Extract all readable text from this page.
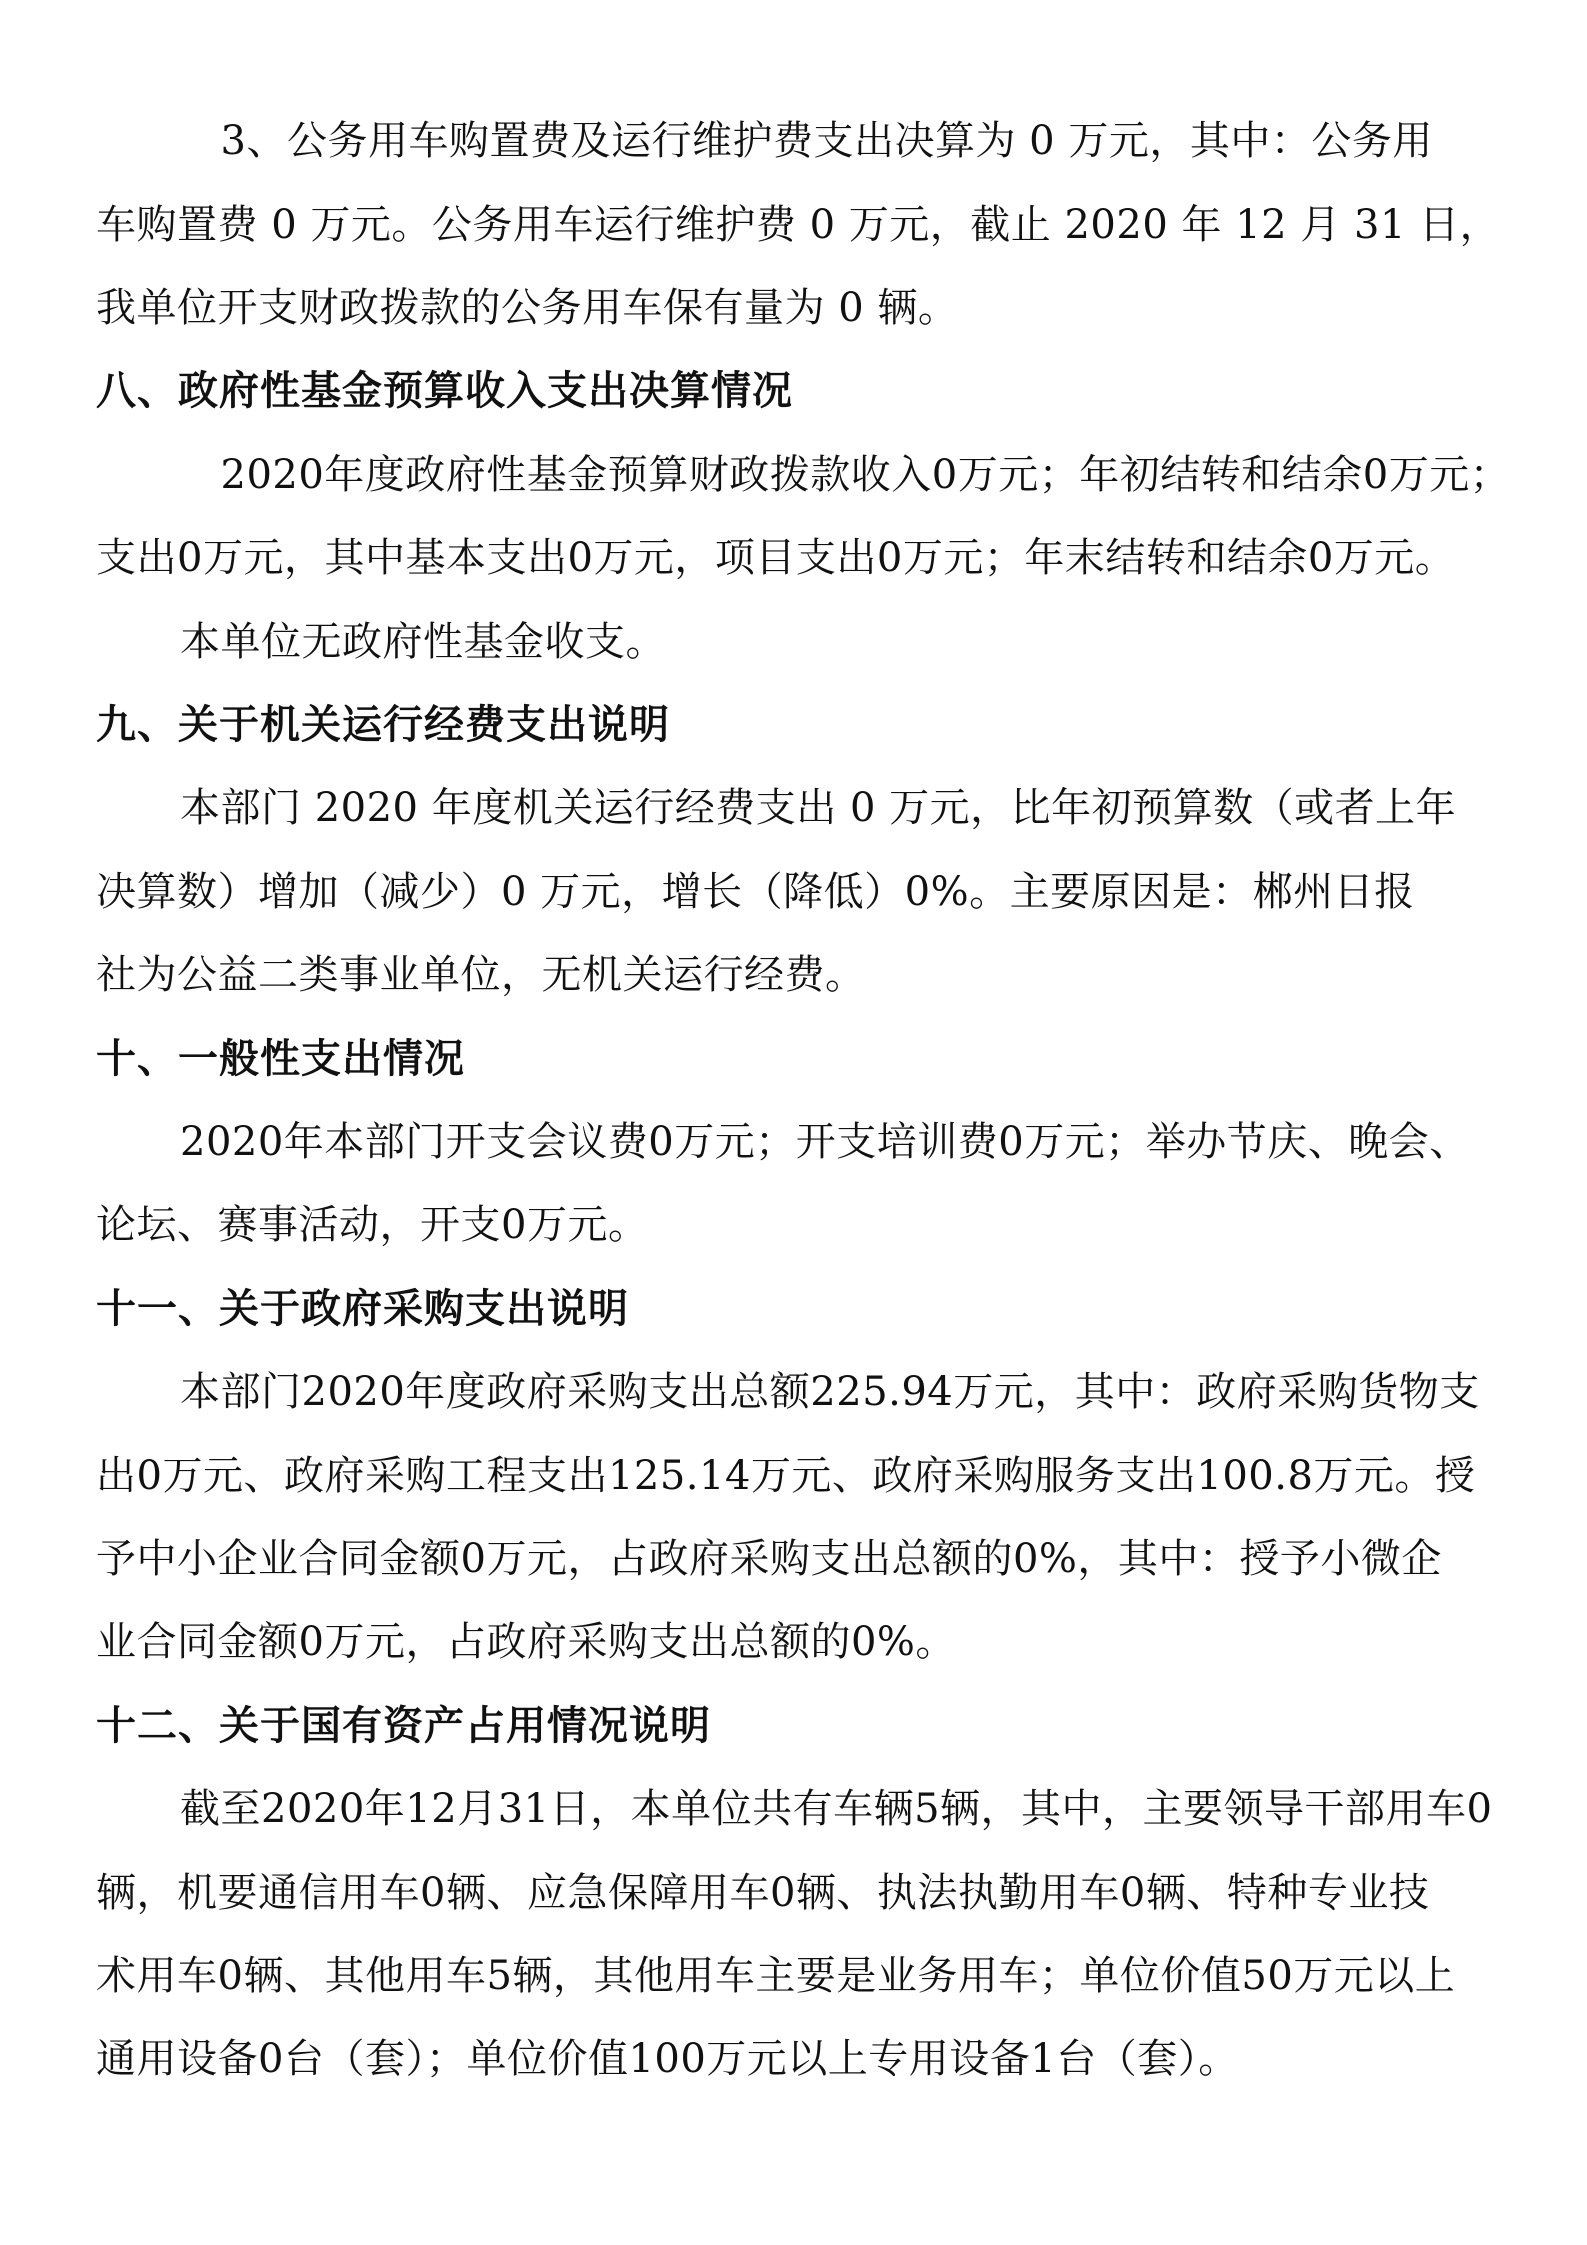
　3、公务用车购置费及运行维护费支出决算为 0 万元，其中：公务用
车购置费 0 万元。公务用车运行维护费 0 万元，截止 2020 年 12 月 31 日，
我单位开支财政拨款的公务用车保有量为 0 辆。
八、政府性基金预算收入支出决算情况
　2020年度政府性基金预算财政拨款收入0万元；年初结转和结余0万元；
支出0万元，其中基本支出0万元，项目支出0万元；年末结转和结余0万元。
本单位无政府性基金收支。
九、关于机关运行经费支出说明
本部门 2020 年度机关运行经费支出 0 万元，比年初预算数（或者上年
决算数）增加（减少）0 万元，增长（降低）0%。主要原因是：郴州日报
社为公益二类事业单位，无机关运行经费。
十、一般性支出情况
2020年本部门开支会议费0万元；开支培训费0万元；举办节庆、晚会、
论坛、赛事活动，开支0万元。
十一、关于政府采购支出说明
本部门2020年度政府采购支出总额225.94万元，其中：政府采购货物支
出0万元、政府采购工程支出125.14万元、政府采购服务支出100.8万元。授
予中小企业合同金额0万元，占政府采购支出总额的0%，其中：授予小微企
业合同金额0万元，占政府采购支出总额的0%。
十二、关于国有资产占用情况说明
截至2020年12月31日，本单位共有车辆5辆，其中，主要领导干部用车0
辆，机要通信用车0辆、应急保障用车0辆、执法执勤用车0辆、特种专业技
术用车0辆、其他用车5辆，其他用车主要是业务用车；单位价值50万元以上
通用设备0台（套）；单位价值100万元以上专用设备1台（套）。
